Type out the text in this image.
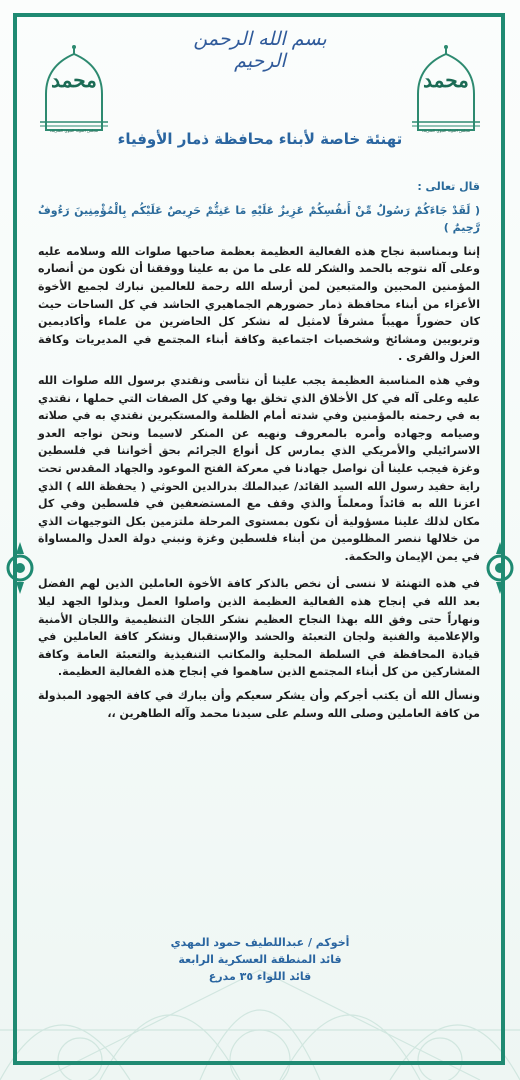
بسم الله الرحمن الرحيم
محمد
مجلس المولد النبوي الشريف
محمد
مجلس المولد النبوي الشريف
تهنئة خاصة لأبناء محافظة ذمار الأوفياء

قال تعالى :

( لَقَدْ جَاءَكُمْ رَسُولٌ مِّنْ أَنفُسِكُمْ عَزِيزٌ عَلَيْهِ مَا عَنِتُّمْ حَرِيصٌ عَلَيْكُم بِالْمُؤْمِنِينَ رَءُوفٌ رَّحِيمٌ )

إننا وبمناسبة نجاح هذه الفعالية العظيمة بعظمة صاحبها صلوات الله وسلامه عليه وعلى آله نتوجه بالحمد والشكر لله على ما من به علينا ووفقنا أن نكون من أنصاره المؤمنين المحبين والمتبعين لمن أرسله الله رحمة للعالمين نبارك لجميع الأخوة الأعزاء من أبناء محافظة ذمار حضورهم الجماهيري الحاشد في كل الساحات حيث كان حضوراً مهيباً مشرفاً لامثيل له نشكر كل الحاضرين من علماء وأكاديمين وتربويين ومشائخ وشخصيات اجتماعية وكافة أبناء المجتمع في المديريات وكافة العزل والقرى .

وفي هذه المناسبة العظيمة يجب علينا أن نتأسى ونقتدي برسول الله صلوات الله عليه وعلى آله في كل الأخلاق الذي تخلق بها وفي كل الصفات التي حملها ، نقتدي به في رحمته بالمؤمنين وفي شدته أمام الظلمة والمستكبرين نقتدي به في صلاته وصيامه وجهاده وأمره بالمعروف ونهيه عن المنكر لاسيما ونحن نواجه العدو الاسرائيلي والأمريكي الذي يمارس كل أنواع الجرائم بحق أخواننا في فلسطين وغزة فيجب علينا أن نواصل جهادنا في معركة الفتح الموعود والجهاد المقدس تحت راية حفيد رسول الله السيد القائد/ عبدالملك بدرالدين الحوثي ( يحفظة الله ) الذي اعزنا الله به قائداً ومعلماً والذي وقف مع المستضعفين في فلسطين وفي كل مكان لذلك علينا مسؤولية أن نكون بمستوى المرحلة ملتزمين بكل التوجيهات الذي من خلالها ننصر المظلومين من أبناء فلسطين وغزة ونبني دولة العدل والمساواة في يمن الإيمان والحكمة.

في هذه التهنئة لا ننسى أن نخص بالذكر كافة الأخوة العاملين الذين لهم الفضل بعد الله في إنجاح هذه الفعالية العظيمة الذين واصلوا العمل وبذلوا الجهد ليلا ونهاراً حتى وفق الله بهذا النجاح العظيم نشكر اللجان التنظيمية واللجان الأمنية والإعلامية والفنية ولجان التعبئة والحشد والإستقبال ونشكر كافة العاملين في قيادة المحافظة في السلطة المحلية والمكاتب التنفيذية والتعبئة العامة وكافة المشاركين من كل أبناء المجتمع الذين ساهموا في إنجاح هذه الفعالية العظيمة.

ونسأل الله أن يكتب أجركم وأن يشكر سعيكم وأن يبارك في كافة الجهود المبذولة من كافة العاملين وصلى الله وسلم على سيدنا محمد وآله الطاهرين ،،

أخوكم / عبداللطيف حمود المهدي
قائد المنطقة العسكرية الرابعة
قائد اللواء ٣٥ مدرع
